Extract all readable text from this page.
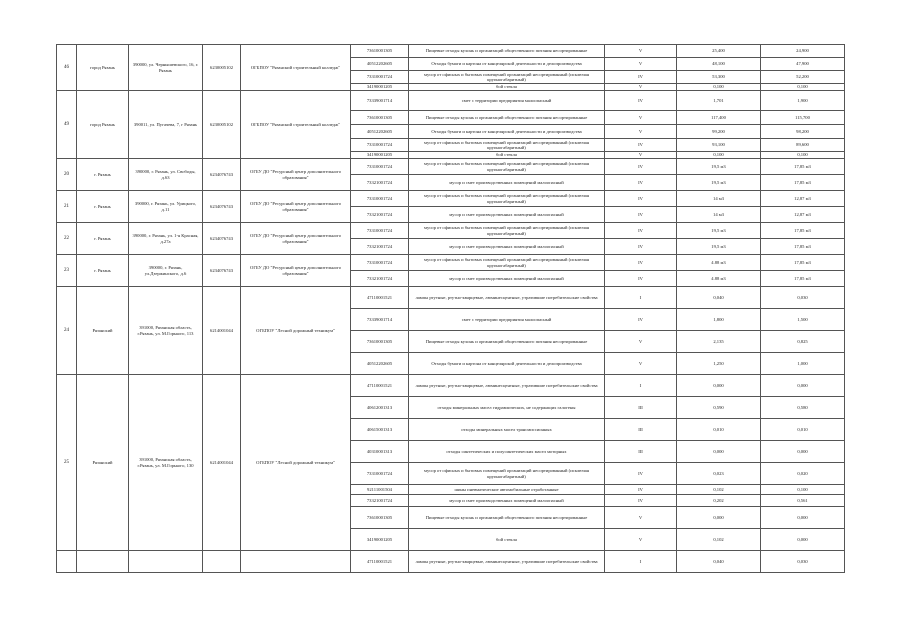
46	город Рязань	390000, ул. Чернышевского, 16, г. Рязань	6230005102	ОГБПОУ "Рязанский строительный колледж"	73610001305	Пищевые отходы кухонь и организаций общественного питания несортированные	V	25,400	24,900
					40512202605	Отходы бумаги и картона от канцелярской деятельности и делопроизводства	V	48,100	47,900
					73310001724	мусор от офисных и бытовых помещений организаций несортированный (исключая крупногабаритный)	IV	53,300	52,200
					34190001205	бой стекла	V	0,100	0,100
49	город Рязань	390011, ул. Пугачева, 7, г Рязань	6230005102	ОГБПОУ "Рязанский строительный колледж"	73339001714	смет с территории предприятия малоопасный	IV	1,701	1,900
					73610001305	Пищевые отходы кухонь и организаций общественного питания несортированные	V	117,400	115,700
					40512202605	Отходы бумаги и картона от канцелярской деятельности и делопроизводства	V	99,200	98,200
					73310001724	мусор от офисных и бытовых помещений организаций несортированный (исключая крупногабаритный)	IV	93,100	89,600
					34190001205	бой стекла	V	0,100	0,100
20	г. Рязань	390000, г. Рязань, ул. Свободы, д.63	6234076743	ОГБУ ДО "Ресурсный центр дополнительного образования"	73310001724	мусор от офисных и бытовых помещений организаций несортированный (исключая крупногабаритный)	IV	19,5 м3	17,85 м3
					73321001724	мусор и смет производственных помещений малоопасный	IV	19,5 м3	17,85 м3
21	г. Рязань	390000, г. Рязань, ул. Урицкого, д.11	6234076743	ОГБУ ДО "Ресурсный центр дополнительного образования"	73310001724	мусор от офисных и бытовых помещений организаций несортированный (исключая крупногабаритный)	IV	14 м3	12,87 м3
					73321001724	мусор и смет производственных помещений малоопасный	IV	14 м3	12,87 м3
22	г. Рязань	390000, г. Рязань, ул. 1-я Красная, д.27а	6234076743	ОГБУ ДО "Ресурсный центр дополнительного образования"	73310001724	мусор от офисных и бытовых помещений организаций несортированный (исключая крупногабаритный)	IV	19,5 м3	17,85 м3
					73321001724	мусор и смет производственных помещений малоопасный	IV	19,5 м3	17,85 м3
23	г. Рязань	390000, г. Рязань, ул.Дзержинского, д.6	6234076743	ОГБУ ДО "Ресурсный центр дополнительного образования"	73310001724	мусор от офисных и бытовых помещений организаций несортированный (исключая крупногабаритный)	IV	4.88 м3	17,85 м3
					73321001724	мусор и смет производственных помещений малоопасный	IV	4.88 м3	17,85 м3
24	Рязанский	391000, Рязанская область, г.Рязань, ул. М.Горького, 113	6214001044	ОГБПОУ "Лесной дорожный техникум"	47110001521	лампы ртутные, ртутно-кварцевые, люминесцентные, утратившие потребительские свойства	I	0,040	0,030
					73339001714	смет с территории предприятия малоопасный	IV	1,800	1,500
					73610001305	Пищевые отходы кухонь и организаций общественного питания несортированные	V	2,135	0,825
					40512202605	Отходы бумаги и картона от канцелярской деятельности и делопроизводства	V	1,250	1,000
25	Рязанский	391000, Рязанская область, г.Рязань, ул. М.Горького, 130	6214001044	ОГБПОУ "Лесной дорожный техникум"	47110001521	лампы ртутные, ртутно-кварцевые, люминесцентные, утратившие потребительские свойства	I	0,000	0,000
					40612001313	отходы минеральных масел гидравлических, не содержащих галогены	III	0,590	0,580
					40615001313	отходы минеральных масел трансмиссионных	III	0,010	0,010
					40310001313	отходы синтетических и полусинтетических масел моторных	III	0,000	0,000
					73310001724	мусор от офисных и бытовых помещений организаций несортированный (исключая крупногабаритный)	IV	0,023	0,020
					92111001504	шины пневматические автомобильные отработанные	IV	0,102	0,100
					73321001724	мусор и смет производственных помещений малоопасный	IV	0,202	0,561
					73610001305	Пищевые отходы кухонь и организаций общественного питания несортированные	V	0,000	0,000
					34190001205	бой стекла	V	0,102	0,000
					47110001521	лампы ртутные, ртутно-кварцевые, люминесцентные, утратившие потребительские свойства	I	0,040	0,030
